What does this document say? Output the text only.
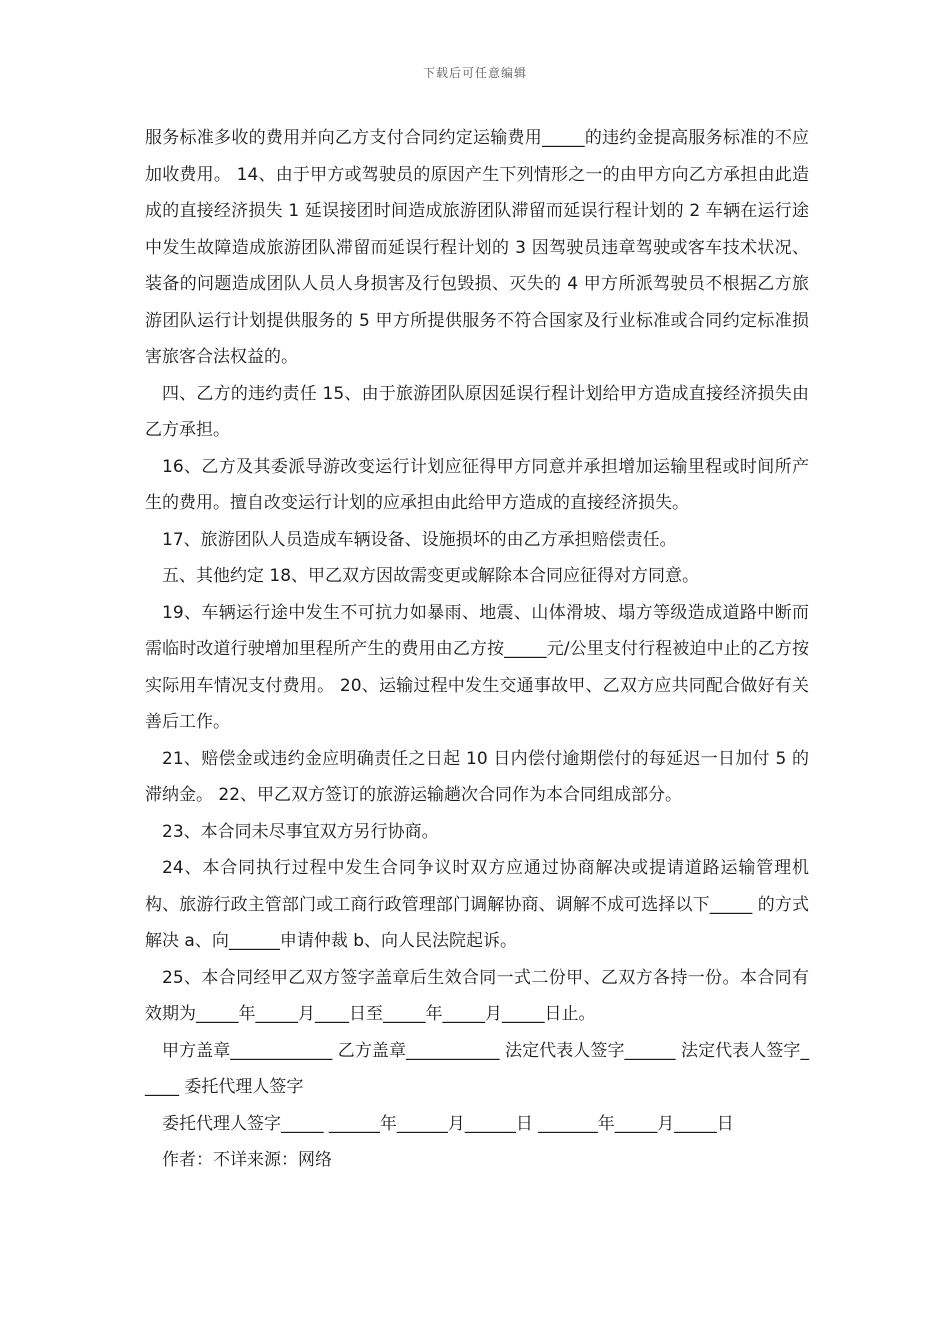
下载后可任意编辑

服务标准多收的费用并向乙方支付合同约定运输费用_____的违约金提高服务标准的不应加收费用。 14、由于甲方或驾驶员的原因产生下列情形之一的由甲方向乙方承担由此造成的直接经济损失 1 延误接团时间造成旅游团队滞留而延误行程计划的 2 车辆在运行途中发生故障造成旅游团队滞留而延误行程计划的 3 因驾驶员违章驾驶或客车技术状况、装备的问题造成团队人员人身损害及行包毁损、灭失的 4 甲方所派驾驶员不根据乙方旅游团队运行计划提供服务的 5 甲方所提供服务不符合国家及行业标准或合同约定标准损害旅客合法权益的。

四、乙方的违约责任 15、由于旅游团队原因延误行程计划给甲方造成直接经济损失由乙方承担。

16、乙方及其委派导游改变运行计划应征得甲方同意并承担增加运输里程或时间所产生的费用。擅自改变运行计划的应承担由此给甲方造成的直接经济损失。

17、旅游团队人员造成车辆设备、设施损坏的由乙方承担赔偿责任。

五、其他约定 18、甲乙双方因故需变更或解除本合同应征得对方同意。

19、车辆运行途中发生不可抗力如暴雨、地震、山体滑坡、塌方等级造成道路中断而需临时改道行驶增加里程所产生的费用由乙方按_____元/公里支付行程被迫中止的乙方按实际用车情况支付费用。 20、运输过程中发生交通事故甲、乙双方应共同配合做好有关善后工作。

21、赔偿金或违约金应明确责任之日起 10 日内偿付逾期偿付的每延迟一日加付 5 的滞纳金。 22、甲乙双方签订的旅游运输趟次合同作为本合同组成部分。

23、本合同未尽事宜双方另行协商。

24、本合同执行过程中发生合同争议时双方应通过协商解决或提请道路运输管理机构、旅游行政主管部门或工商行政管理部门调解协商、调解不成可选择以下_____ 的方式解决 a、向______申请仲裁 b、向人民法院起诉。

25、本合同经甲乙双方签字盖章后生效合同一式二份甲、乙双方各持一份。本合同有效期为_____年_____月____日至_____年_____月_____日止。

甲方盖章____________ 乙方盖章___________ 法定代表人签字______ 法定代表人签字_____ 委托代理人签字

委托代理人签字_____ ______年______月______日 _______年_____月_____日

作者：不详来源：网络
